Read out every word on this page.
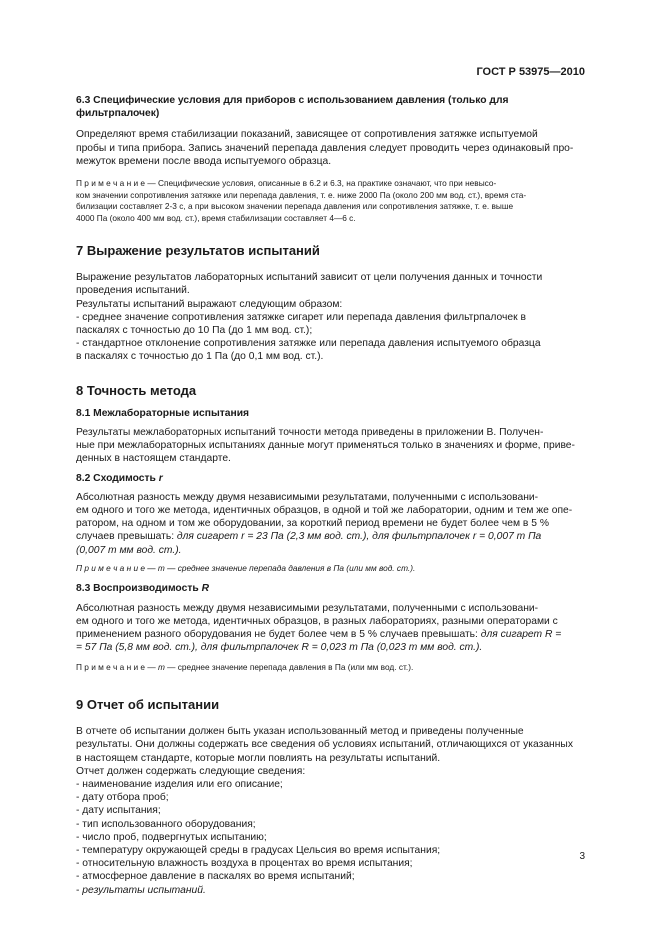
ГОСТ Р 53975—2010

6.3 Специфические условия для приборов с использованием давления (только для
фильтрпалочек)

Определяют время стабилизации показаний, зависящее от сопротивления затяжке испытуемой
пробы и типа прибора. Запись значений перепада давления следует проводить через одинаковый про-
межуток времени после ввода испытуемого образца.

П р и м е ч а н и е — Специфические условия, описанные в 6.2 и 6.3, на практике означают, что при невысо-
ком значении сопротивления затяжке или перепада давления, т. е. ниже 2000 Па (около 200 мм вод. ст.), время ста-
билизации составляет 2-3 с, а при высоком значении перепада давления или сопротивления затяжке, т. е. выше
4000 Па (около 400 мм вод. ст.), время стабилизации составляет 4—6 с.
7 Выражение результатов испытаний

Выражение результатов лабораторных испытаний зависит от цели получения данных и точности
проведения испытаний.

Результаты испытаний выражают следующим образом:

- среднее значение сопротивления затяжке сигарет или перепада давления фильтрпалочек в
паскалях с точностью до 10 Па (до 1 мм вод. ст.);

- стандартное отклонение сопротивления затяжке или перепада давления испытуемого образца
в паскалях с точностью до 1 Па (до 0,1 мм вод. ст.).

8 Точность метода

8.1 Межлабораторные испытания

Результаты межлабораторных испытаний точности метода приведены в приложении В. Получен-
ные при межлабораторных испытаниях данные могут применяться только в значениях и форме, приве-
денных в настоящем стандарте.

8.2 Сходимость r

Абсолютная разность между двумя независимыми результатами, полученными с использовани-
ем одного и того же метода, идентичных образцов, в одной и той же лаборатории, одним и тем же опе-
ратором, на одном и том же оборудовании, за короткий период времени не будет более чем в 5 %
случаев превышать: для сигарет r = 23 Па (2,3 мм вод. ст.), для фильтрпалочек r = 0,007 m Па
(0,007 m мм вод. ст.).

П р и м е ч а н и е — m — среднее значение перепада давления в Па (или мм вод. ст.).

8.3 Воспроизводимость R

Абсолютная разность между двумя независимыми результатами, полученными с использовани-
ем одного и того же метода, идентичных образцов, в разных лабораториях, разными операторами с
применением разного оборудования не будет более чем в 5 % случаев превышать: для сигарет R =
= 57 Па (5,8 мм вод. ст.), для фильтрпалочек R = 0,023 m Па (0,023 m мм вод. ст.).

П р и м е ч а н и е — m — среднее значение перепада давления в Па (или мм вод. ст.).
9 Отчет об испытании

В отчете об испытании должен быть указан использованный метод и приведены полученные
результаты. Они должны содержать все сведения об условиях испытаний, отличающихся от указанных
в настоящем стандарте, которые могли повлиять на результаты испытаний.

Отчет должен содержать следующие сведения:

- наименование изделия или его описание;
- дату отбора проб;
- дату испытания;
- тип использованного оборудования;
- число проб, подвергнутых испытанию;
- температуру окружающей среды в градусах Цельсия во время испытания;
- относительную влажность воздуха в процентах во время испытания;
- атмосферное давление в паскалях во время испытаний;
- результаты испытаний.
3
